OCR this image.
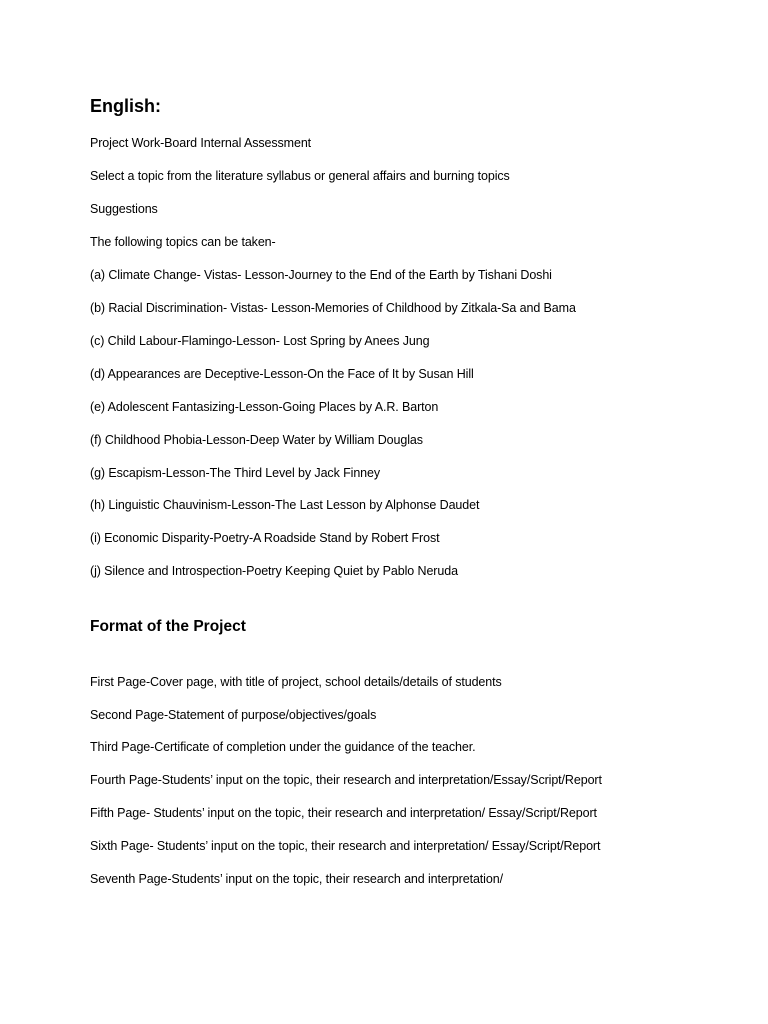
English:
Project Work-Board Internal Assessment
Select a topic from the literature syllabus or general affairs and burning topics
Suggestions
The following topics can be taken-
(a) Climate Change- Vistas- Lesson-Journey to the End of the Earth by Tishani Doshi
(b) Racial Discrimination- Vistas- Lesson-Memories of Childhood by Zitkala-Sa and Bama
(c) Child Labour-Flamingo-Lesson- Lost Spring by Anees Jung
(d) Appearances are Deceptive-Lesson-On the Face of It by Susan Hill
(e) Adolescent Fantasizing-Lesson-Going Places by A.R. Barton
(f) Childhood Phobia-Lesson-Deep Water by William Douglas
(g) Escapism-Lesson-The Third Level by Jack Finney
(h) Linguistic Chauvinism-Lesson-The Last Lesson by Alphonse Daudet
(i) Economic Disparity-Poetry-A Roadside Stand by Robert Frost
(j) Silence and Introspection-Poetry Keeping Quiet by Pablo Neruda
Format of the Project
First Page-Cover page, with title of project, school details/details of students
Second Page-Statement of purpose/objectives/goals
Third Page-Certificate of completion under the guidance of the teacher.
Fourth Page-Students’ input on the topic, their research and interpretation/Essay/Script/Report
Fifth Page- Students’ input on the topic, their research and interpretation/ Essay/Script/Report
Sixth Page- Students’ input on the topic, their research and interpretation/ Essay/Script/Report
Seventh Page-Students’ input on the topic, their research and interpretation/
